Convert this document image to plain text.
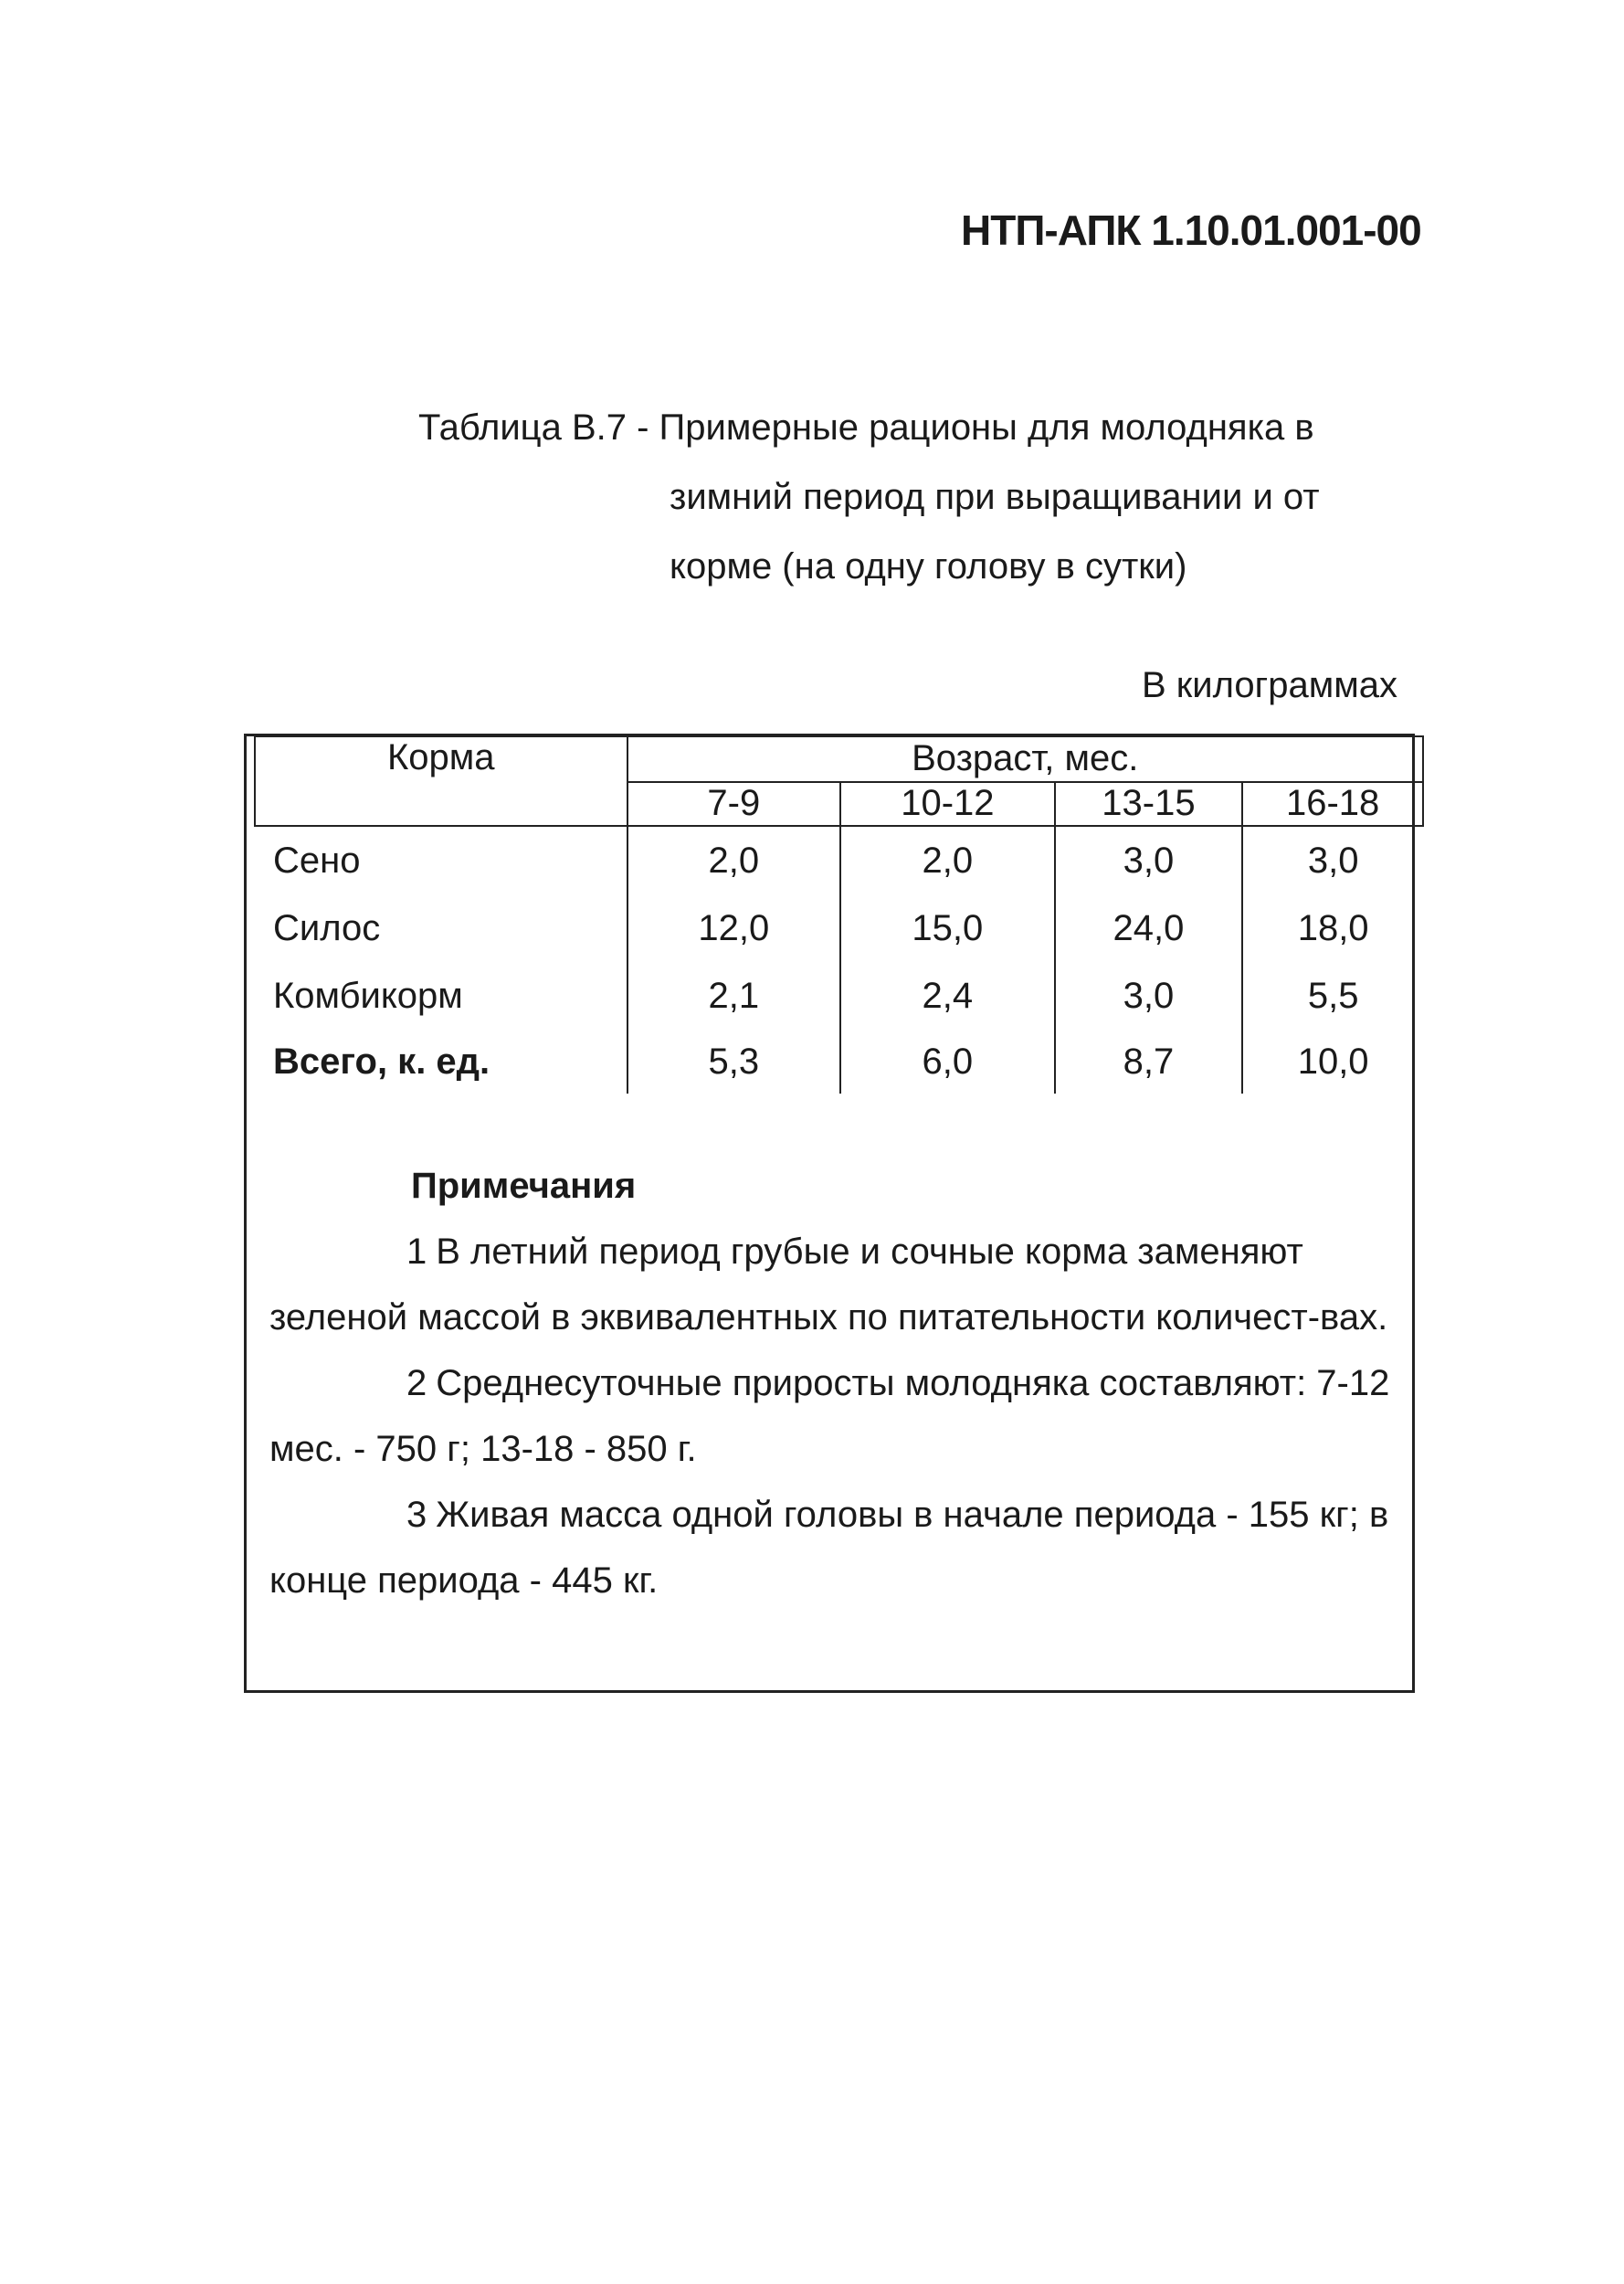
НТП-АПК 1.10.01.001-00
Таблица В.7 - Примерные рационы для молодняка в
зимний период при выращивании и от
корме (на одну голову в сутки)
В килограммах
Корма	Возраст, мес.			
	7-9	10-12	13-15	16-18
Сено	2,0	2,0	3,0	3,0
Силос	12,0	15,0	24,0	18,0
Комбикорм	2,1	2,4	3,0	5,5
Всего, к. ед.	5,3	6,0	8,7	10,0
Примечания

1 В летний период грубые и сочные корма заменяют зеленой массой в эквивалентных по питательности количест-вах.

2 Среднесуточные приросты молодняка составляют: 7-12 мес. - 750 г; 13-18 - 850 г.

3 Живая масса одной головы в начале периода - 155 кг; в конце периода - 445 кг.
